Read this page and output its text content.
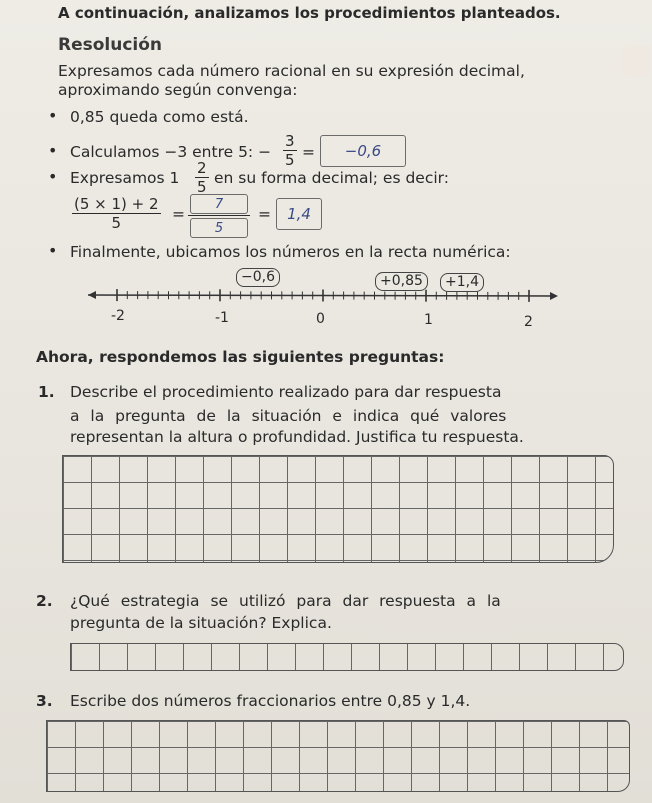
A continuación, analizamos los procedimientos planteados.
Resolución
Expresamos cada número racional en su expresión decimal,
aproximando según convenga:
• 0,85 queda como está.
• Calculamos −3 entre 5: −
3
5 =	−0,6
• Expresamos 1
2
5 en su forma decimal; es decir:
(5 × 1) + 2
5	=
7
5
=	1,4
• Finalmente, ubicamos los números en la recta numérica:
-2	-1	0	1	2
−0,6	+0,85	+1,4
Ahora, respondemos las siguientes preguntas:
1. Describe el procedimiento realizado para dar respuesta
a la pregunta de la situación e indica qué valores
representan la altura o profundidad. Justifica tu respuesta.
2. ¿Qué estrategia se utilizó para dar respuesta a la
pregunta de la situación? Explica.
3. Escribe dos números fraccionarios entre 0,85 y 1,4.
